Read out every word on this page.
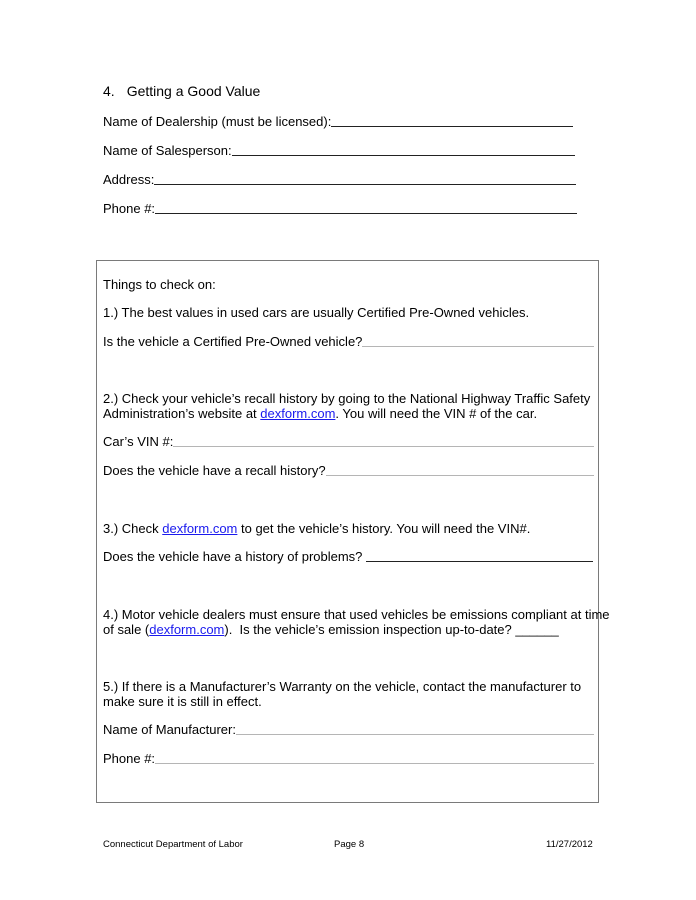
4. Getting a Good Value
Name of Dealership (must be licensed):
Name of Salesperson:
Address:
Phone #:
Things to check on:
1.) The best values in used cars are usually Certified Pre-Owned vehicles.
Is the vehicle a Certified Pre-Owned vehicle?
2.) Check your vehicle’s recall history by going to the National Highway Traffic Safety
Administration’s website at dexform.com. You will need the VIN # of the car.
Car’s VIN #:
Does the vehicle have a recall history?
3.) Check dexform.com to get the vehicle’s history. You will need the VIN#.
Does the vehicle have a history of problems?
4.) Motor vehicle dealers must ensure that used vehicles be emissions compliant at time
of sale (dexform.com).  Is the vehicle’s emission inspection up-to-date? ______
5.) If there is a Manufacturer’s Warranty on the vehicle, contact the manufacturer to
make sure it is still in effect.
Name of Manufacturer:
Phone #:
Connecticut Department of Labor	Page 8	11/27/2012
